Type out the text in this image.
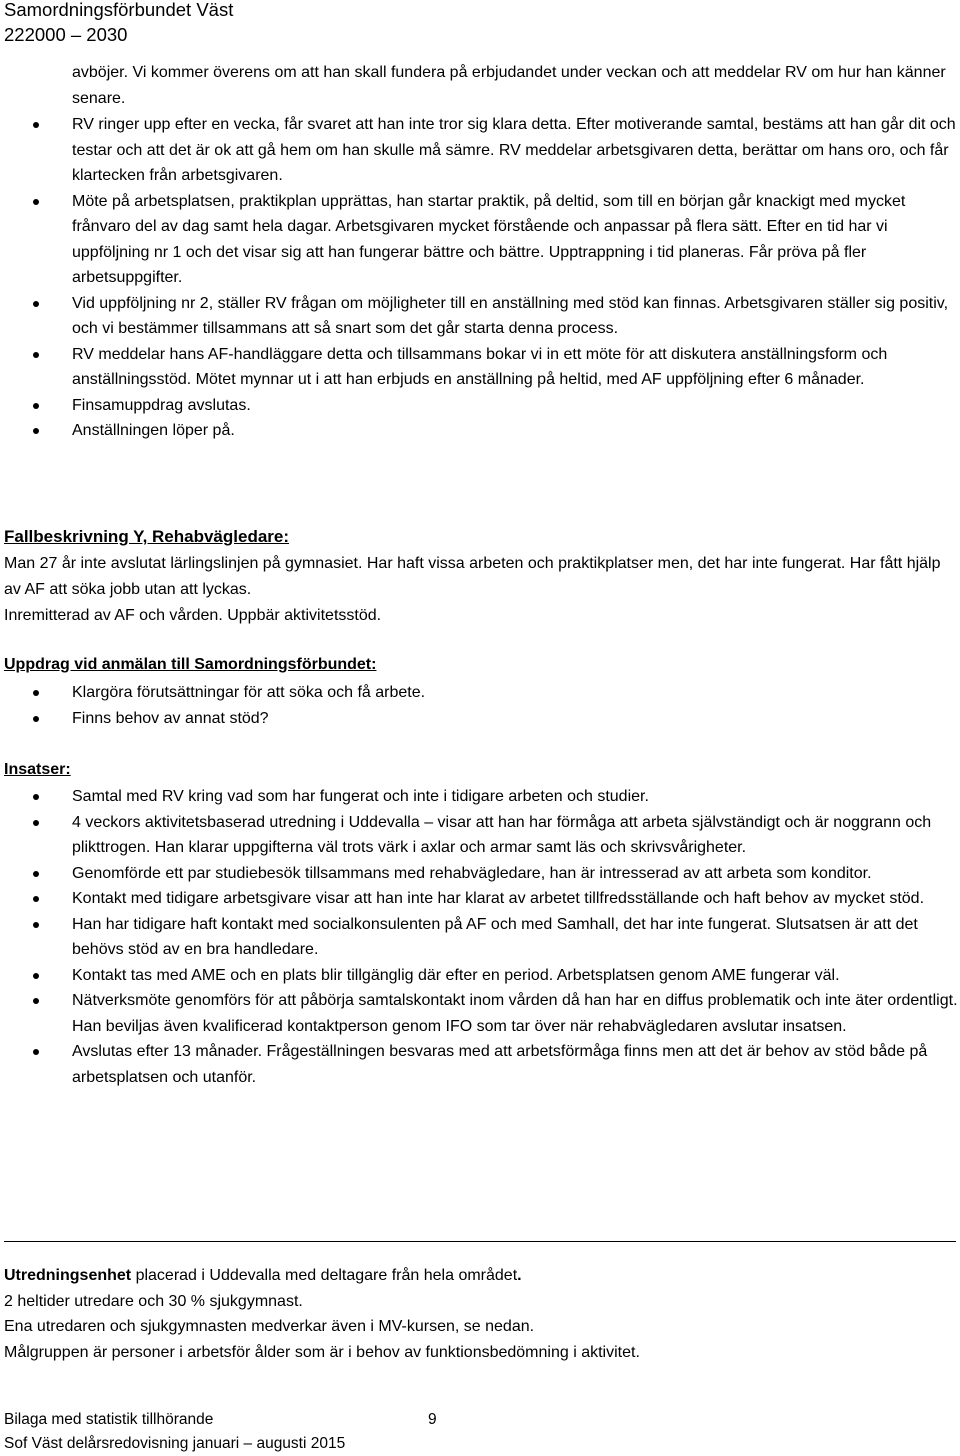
Samordningsförbundet Väst
222000 – 2030
avböjer. Vi kommer överens om att han skall fundera på erbjudandet under veckan och att meddelar RV om hur han känner senare.
RV ringer upp efter en vecka, får svaret att han inte tror sig klara detta. Efter motiverande samtal, bestäms att han går dit och testar och att det är ok att gå hem om han skulle må sämre. RV meddelar arbetsgivaren detta, berättar om hans oro, och får klartecken från arbetsgivaren.
Möte på arbetsplatsen, praktikplan upprättas, han startar praktik, på deltid, som till en början går knackigt med mycket frånvaro del av dag samt hela dagar. Arbetsgivaren mycket förstående och anpassar på flera sätt. Efter en tid har vi uppföljning nr 1 och det visar sig att han fungerar bättre och bättre. Upptrappning i tid planeras. Får pröva på fler arbetsuppgifter.
Vid uppföljning nr 2, ställer RV frågan om möjligheter till en anställning med stöd kan finnas. Arbetsgivaren ställer sig positiv, och vi bestämmer tillsammans att så snart som det går starta denna process.
RV meddelar hans AF-handläggare detta och tillsammans bokar vi in ett möte för att diskutera anställningsform och anställningsstöd. Mötet mynnar ut i att han erbjuds en anställning på heltid, med AF uppföljning efter 6 månader.
Finsamuppdrag avslutas.
Anställningen löper på.
Fallbeskrivning Y, Rehabvägledare:
Man 27 år inte avslutat lärlingslinjen på gymnasiet. Har haft vissa arbeten och praktikplatser men, det har inte fungerat. Har fått hjälp av AF att söka jobb utan att lyckas.
Inremitterad av AF och vården. Uppbär aktivitetsstöd.
Uppdrag vid anmälan till Samordningsförbundet:
Klargöra förutsättningar för att söka och få arbete.
Finns behov av annat stöd?
Insatser:
Samtal med RV kring vad som har fungerat och inte i tidigare arbeten och studier.
4 veckors aktivitetsbaserad utredning i Uddevalla – visar att han har förmåga att arbeta självständigt och är noggrann och plikttrogen. Han klarar uppgifterna väl trots värk i axlar och armar samt läs och skrivsvårigheter.
Genomförde ett par studiebesök tillsammans med rehabvägledare, han är intresserad av att arbeta som konditor.
Kontakt med tidigare arbetsgivare visar att han inte har klarat av arbetet tillfredsställande och haft behov av mycket stöd.
Han har tidigare haft kontakt med socialkonsulenten på AF och med Samhall, det har inte fungerat. Slutsatsen är att det behövs stöd av en bra handledare.
Kontakt tas med AME och en plats blir tillgänglig där efter en period. Arbetsplatsen genom AME fungerar väl.
Nätverksmöte genomförs för att påbörja samtalskontakt inom vården då han har en diffus problematik och inte äter ordentligt. Han beviljas även kvalificerad kontaktperson genom IFO som tar över när rehabvägledaren avslutar insatsen.
Avslutas efter 13 månader. Frågeställningen besvaras med att arbetsförmåga finns men att det är behov av stöd både på arbetsplatsen och utanför.
Utredningsenhet placerad i Uddevalla med deltagare från hela området.
2 heltider utredare och 30 % sjukgymnast.
Ena utredaren och sjukgymnasten medverkar även i MV-kursen, se nedan.
Målgruppen är personer i arbetsför ålder som är i behov av funktionsbedömning i aktivitet.
Bilaga med statistik tillhörande
Sof Väst delårsredovisning januari – augusti 2015
9
